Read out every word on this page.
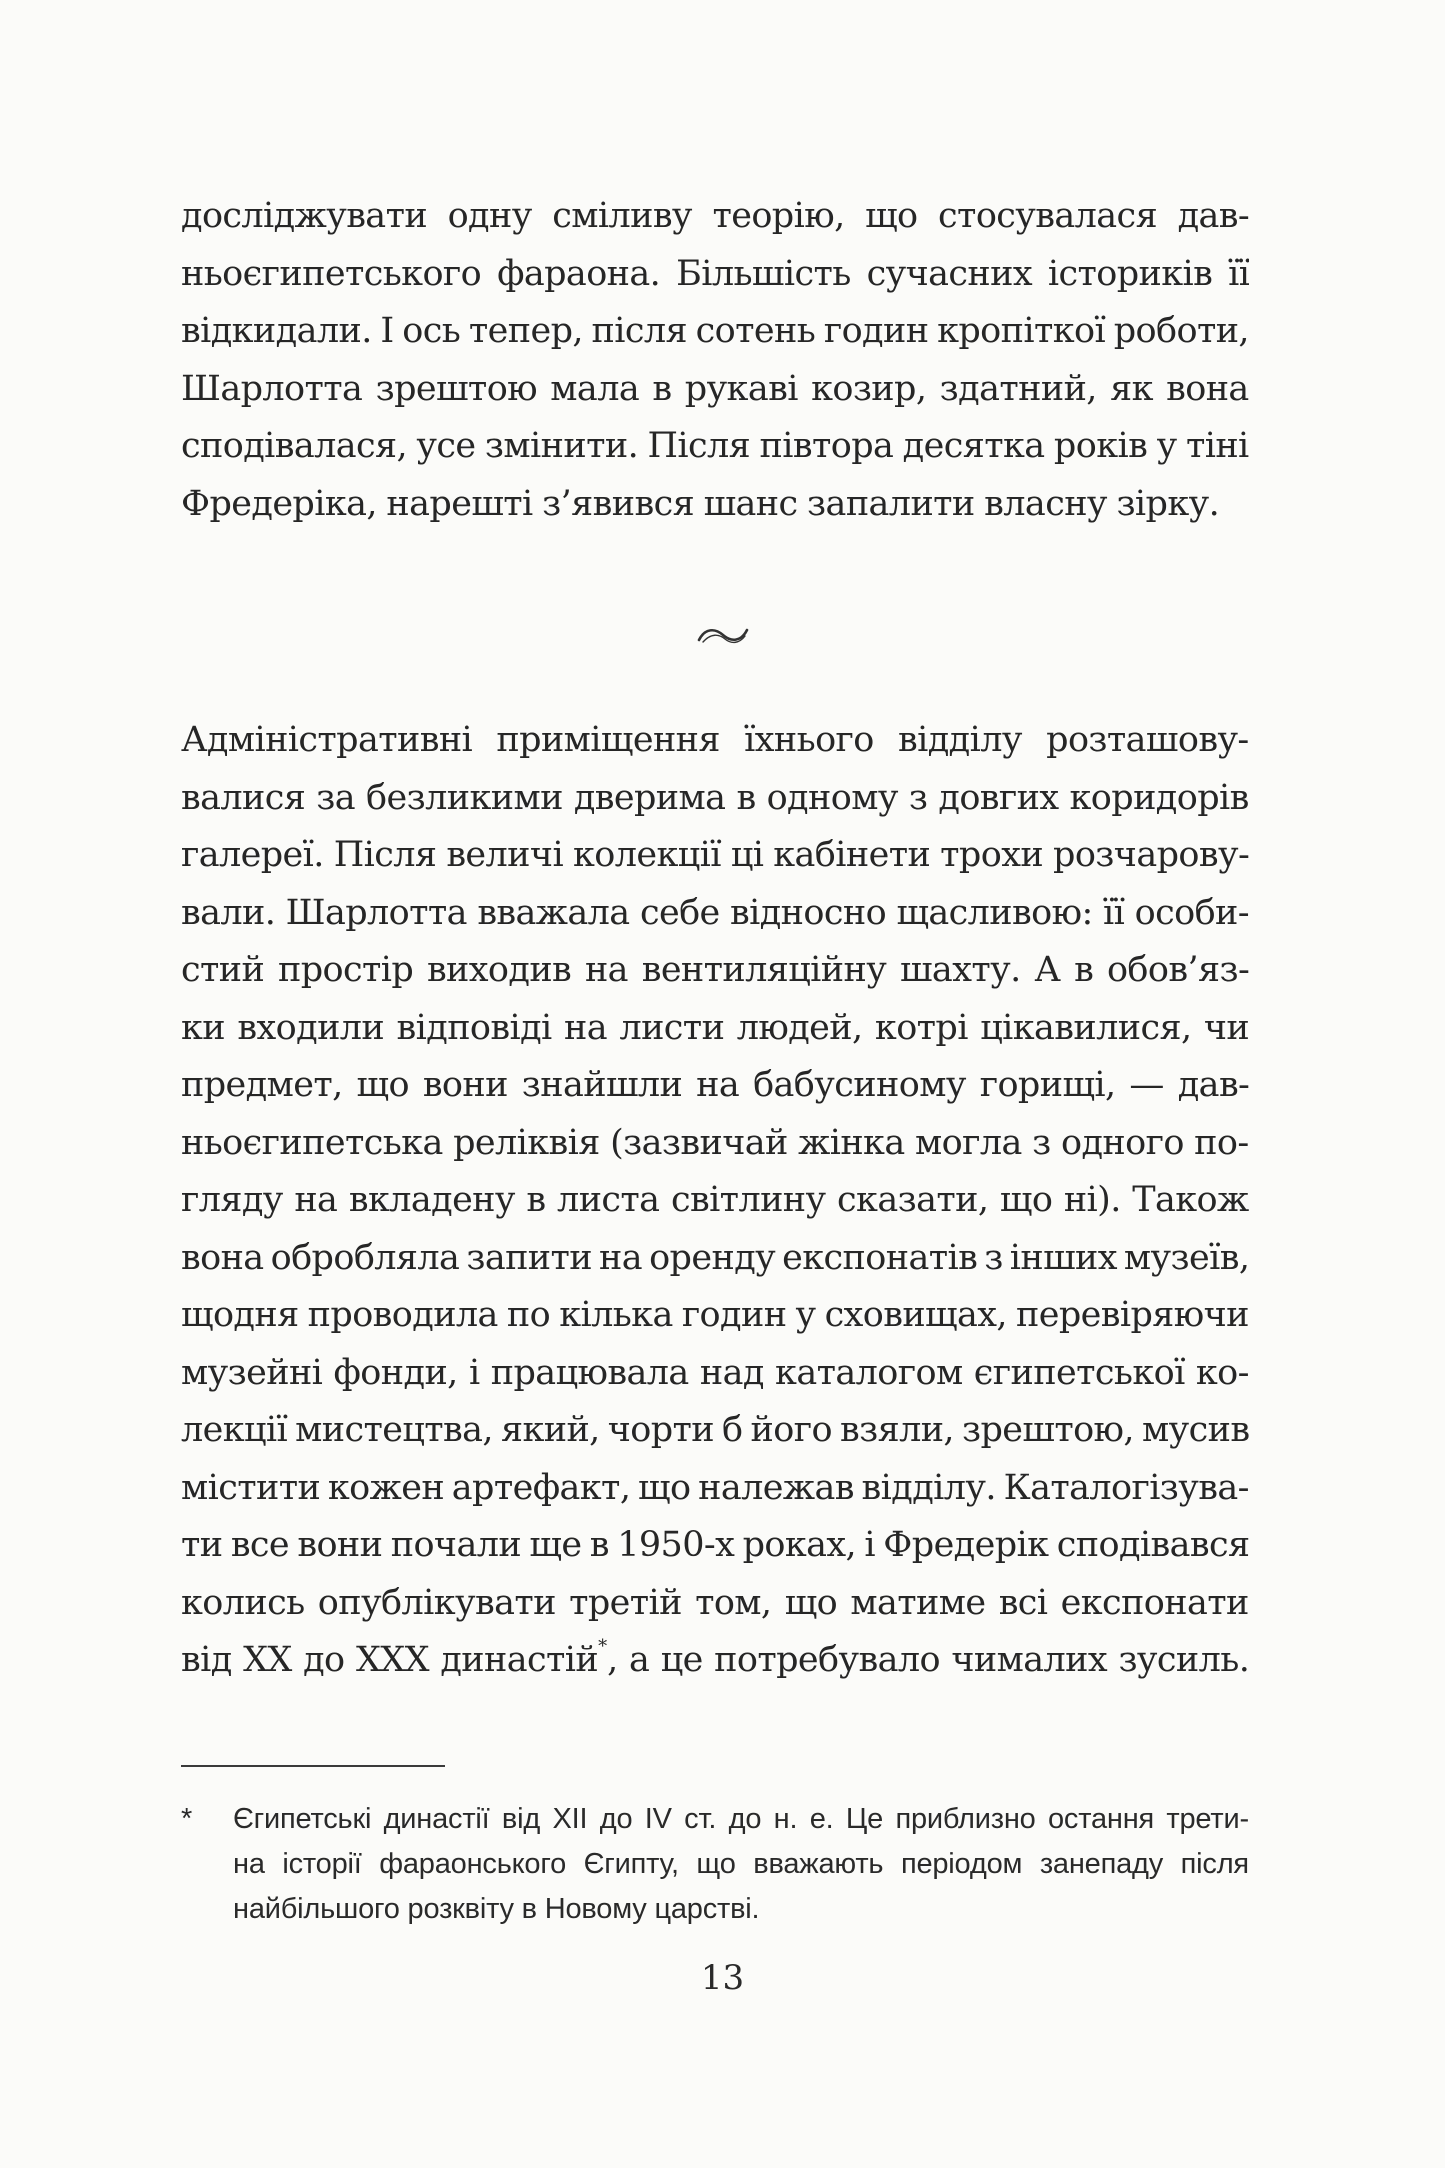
досліджувати одну сміливу теорію, що стосувалася дав-
ньоєгипетського фараона. Більшість сучасних істориків її
відкидали. І ось тепер, після сотень годин кропіткої роботи,
Шарлотта зрештою мала в рукаві козир, здатний, як вона
сподівалася, усе змінити. Після півтора десятка років у тіні
Фредеріка, нарешті з’явився шанс запалити власну зірку.
Адміністративні приміщення їхнього відділу розташову-
валися за безликими дверима в одному з довгих коридорів
галереї. Після величі колекції ці кабінети трохи розчарову-
вали. Шарлотта вважала себе відносно щасливою: її особи-
стий простір виходив на вентиляційну шахту. А в обов’яз-
ки входили відповіді на листи людей, котрі цікавилися, чи
предмет, що вони знайшли на бабусиному горищі, — дав-
ньоєгипетська реліквія (зазвичай жінка могла з одного по-
гляду на вкладену в листа світлину сказати, що ні). Також
вона обробляла запити на оренду експонатів з інших музеїв,
щодня проводила по кілька годин у сховищах, перевіряючи
музейні фонди, і працювала над каталогом єгипетської ко-
лекції мистецтва, який, чорти б його взяли, зрештою, мусив
містити кожен артефакт, що належав відділу. Каталогізува-
ти все вони почали ще в 1950-х роках, і Фредерік сподівався
колись опублікувати третій том, що матиме всі експонати
від XX до XXX династій*, а це потребувало чималих зусиль.
*	Єгипетські династії від XII до IV ст. до н. е. Це приблизно остання трети-
на історії фараонського Єгипту, що вважають періодом занепаду після
найбільшого розквіту в Новому царстві.
13
